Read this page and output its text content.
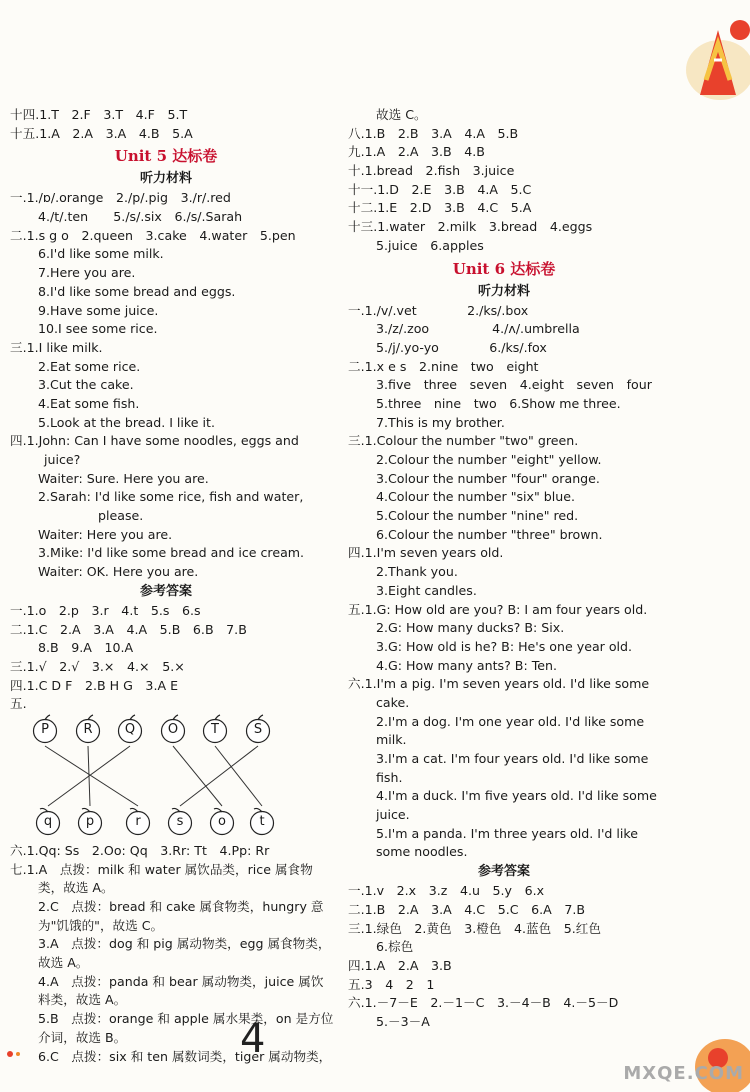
十四.1.T　2.F　3.T　4.F　5.T
十五.1.A　2.A　3.A　4.B　5.A
Unit 5 达标卷
听力材料
一.1./ɒ/.orange　2./p/.pig　3./r/.red
4./t/.ten　　5./s/.six　6./s/.Sarah
二.1.s g o　2.queen　3.cake　4.water　5.pen
6.I'd like some milk.
7.Here you are.
8.I'd like some bread and eggs.
9.Have some juice.
10.I see some rice.
三.1.I like milk.
2.Eat some rice.
3.Cut the cake.
4.Eat some fish.
5.Look at the bread. I like it.
四.1.John: Can I have some noodles, eggs and
juice?
Waiter: Sure. Here you are.
2.Sarah: I'd like some rice, fish and water,
please.
Waiter: Here you are.
3.Mike: I'd like some bread and ice cream.
Waiter: OK. Here you are.
参考答案
一.1.o　2.p　3.r　4.t　5.s　6.s
二.1.C　2.A　3.A　4.A　5.B　6.B　7.B
8.B　9.A　10.A
三.1.√　2.√　3.×　4.×　5.×
四.1.C D F　2.B H G　3.A E
五.
P	R	Q	O	T	S
q	p	r	s	o	t
六.1.Qq: Ss　2.Oo: Qq　3.Rr: Tt　4.Pp: Rr
七.1.A　点拨：milk 和 water 属饮品类，rice 属食物
类，故选 A。
2.C　点拨：bread 和 cake 属食物类，hungry 意
为"饥饿的"，故选 C。
3.A　点拨：dog 和 pig 属动物类，egg 属食物类，
故选 A。
4.A　点拨：panda 和 bear 属动物类，juice 属饮
料类，故选 A。
5.B　点拨：orange 和 apple 属水果类，on 是方位
介词，故选 B。
6.C　点拨：six 和 ten 属数词类，tiger 属动物类，
故选 C。
八.1.B　2.B　3.A　4.A　5.B
九.1.A　2.A　3.B　4.B
十.1.bread　2.fish　3.juice
十一.1.D　2.E　3.B　4.A　5.C
十二.1.E　2.D　3.B　4.C　5.A
十三.1.water　2.milk　3.bread　4.eggs
5.juice　6.apples
Unit 6 达标卷
听力材料
一.1./v/.vet　　　　2./ks/.box
3./z/.zoo　　　　　4./ʌ/.umbrella
5./j/.yo-yo　　　　6./ks/.fox
二.1.x e s　2.nine　two　eight
3.five　three　seven　4.eight　seven　four
5.three　nine　two　6.Show me three.
7.This is my brother.
三.1.Colour the number "two" green.
2.Colour the number "eight" yellow.
3.Colour the number "four" orange.
4.Colour the number "six" blue.
5.Colour the number "nine" red.
6.Colour the number "three" brown.
四.1.I'm seven years old.
2.Thank you.
3.Eight candles.
五.1.G: How old are you? B: I am four years old.
2.G: How many ducks? B: Six.
3.G: How old is he? B: He's one year old.
4.G: How many ants? B: Ten.
六.1.I'm a pig. I'm seven years old. I'd like some
cake.
2.I'm a dog. I'm one year old. I'd like some
milk.
3.I'm a cat. I'm four years old. I'd like some
fish.
4.I'm a duck. I'm five years old. I'd like some
juice.
5.I'm a panda. I'm three years old. I'd like
some noodles.
参考答案
一.1.v　2.x　3.z　4.u　5.y　6.x
二.1.B　2.A　3.A　4.C　5.C　6.A　7.B
三.1.绿色　2.黄色　3.橙色　4.蓝色　5.红色
6.棕色
四.1.A　2.A　3.B
五.3　4　2　1
六.1.－7－E　2.－1－C　3.－4－B　4.－5－D
5.－3－A
4
MXQE.COM
